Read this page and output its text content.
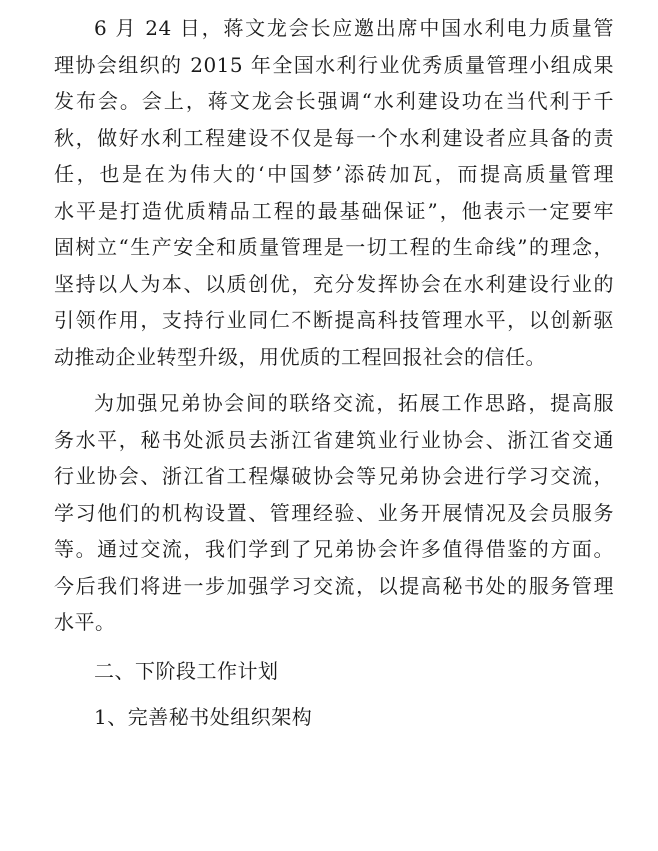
6 月 24 日，蒋文龙会长应邀出席中国水利电力质量管
理协会组织的 2015 年全国水利行业优秀质量管理小组成果
发布会。会上，蒋文龙会长强调“水利建设功在当代利于千
秋，做好水利工程建设不仅是每一个水利建设者应具备的责
任，也是在为伟大的‘中国梦’添砖加瓦，而提高质量管理
水平是打造优质精品工程的最基础保证”，他表示一定要牢
固树立“生产安全和质量管理是一切工程的生命线”的理念，
坚持以人为本、以质创优，充分发挥协会在水利建设行业的
引领作用，支持行业同仁不断提高科技管理水平，以创新驱
动推动企业转型升级，用优质的工程回报社会的信任。
为加强兄弟协会间的联络交流，拓展工作思路，提高服
务水平，秘书处派员去浙江省建筑业行业协会、浙江省交通
行业协会、浙江省工程爆破协会等兄弟协会进行学习交流，
学习他们的机构设置、管理经验、业务开展情况及会员服务
等。通过交流，我们学到了兄弟协会许多值得借鉴的方面。
今后我们将进一步加强学习交流，以提高秘书处的服务管理
水平。
二、下阶段工作计划
1、完善秘书处组织架构
